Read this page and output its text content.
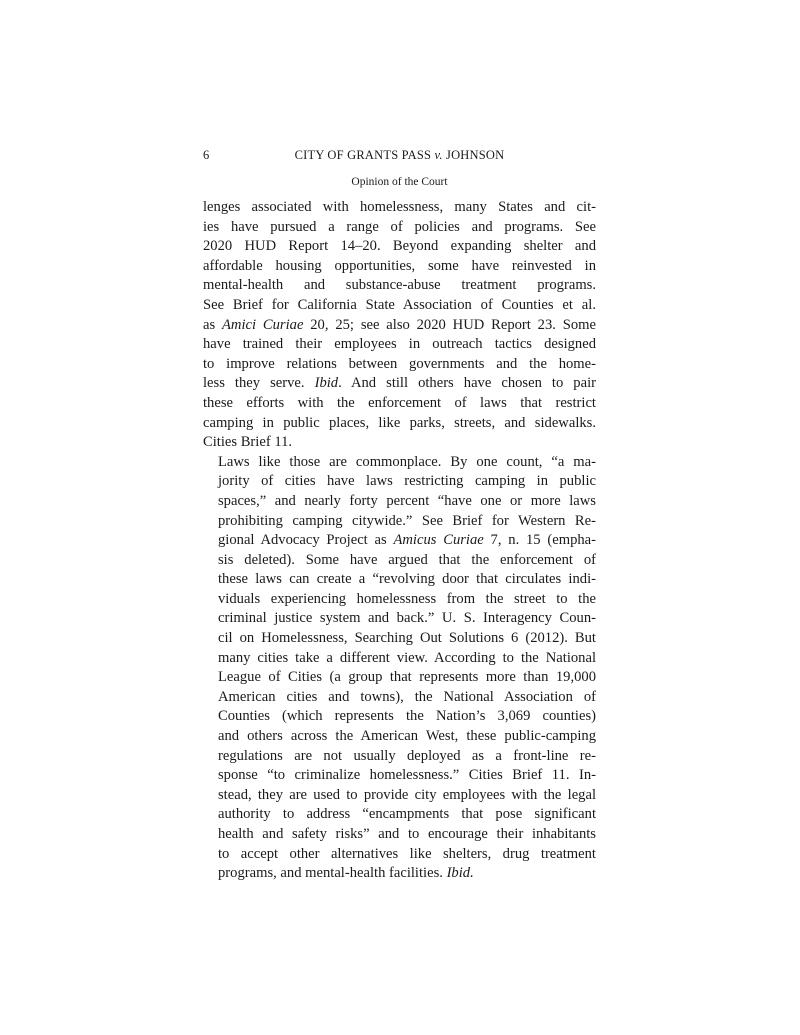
6	CITY OF GRANTS PASS v. JOHNSON
Opinion of the Court

lenges associated with homelessness, many States and cit-
ies have pursued a range of policies and programs. See
2020 HUD Report 14–20. Beyond expanding shelter and
affordable housing opportunities, some have reinvested in
mental-health and substance-abuse treatment programs.
See Brief for California State Association of Counties et al.
as Amici Curiae 20, 25; see also 2020 HUD Report 23. Some
have trained their employees in outreach tactics designed
to improve relations between governments and the home-
less they serve. Ibid. And still others have chosen to pair
these efforts with the enforcement of laws that restrict
camping in public places, like parks, streets, and sidewalks.
Cities Brief 11.

Laws like those are commonplace. By one count, “a ma-
jority of cities have laws restricting camping in public
spaces,” and nearly forty percent “have one or more laws
prohibiting camping citywide.” See Brief for Western Re-
gional Advocacy Project as Amicus Curiae 7, n. 15 (empha-
sis deleted). Some have argued that the enforcement of
these laws can create a “revolving door that circulates indi-
viduals experiencing homelessness from the street to the
criminal justice system and back.” U. S. Interagency Coun-
cil on Homelessness, Searching Out Solutions 6 (2012). But
many cities take a different view. According to the National
League of Cities (a group that represents more than 19,000
American cities and towns), the National Association of
Counties (which represents the Nation’s 3,069 counties)
and others across the American West, these public-camping
regulations are not usually deployed as a front-line re-
sponse “to criminalize homelessness.” Cities Brief 11. In-
stead, they are used to provide city employees with the legal
authority to address “encampments that pose significant
health and safety risks” and to encourage their inhabitants
to accept other alternatives like shelters, drug treatment
programs, and mental-health facilities. Ibid.
